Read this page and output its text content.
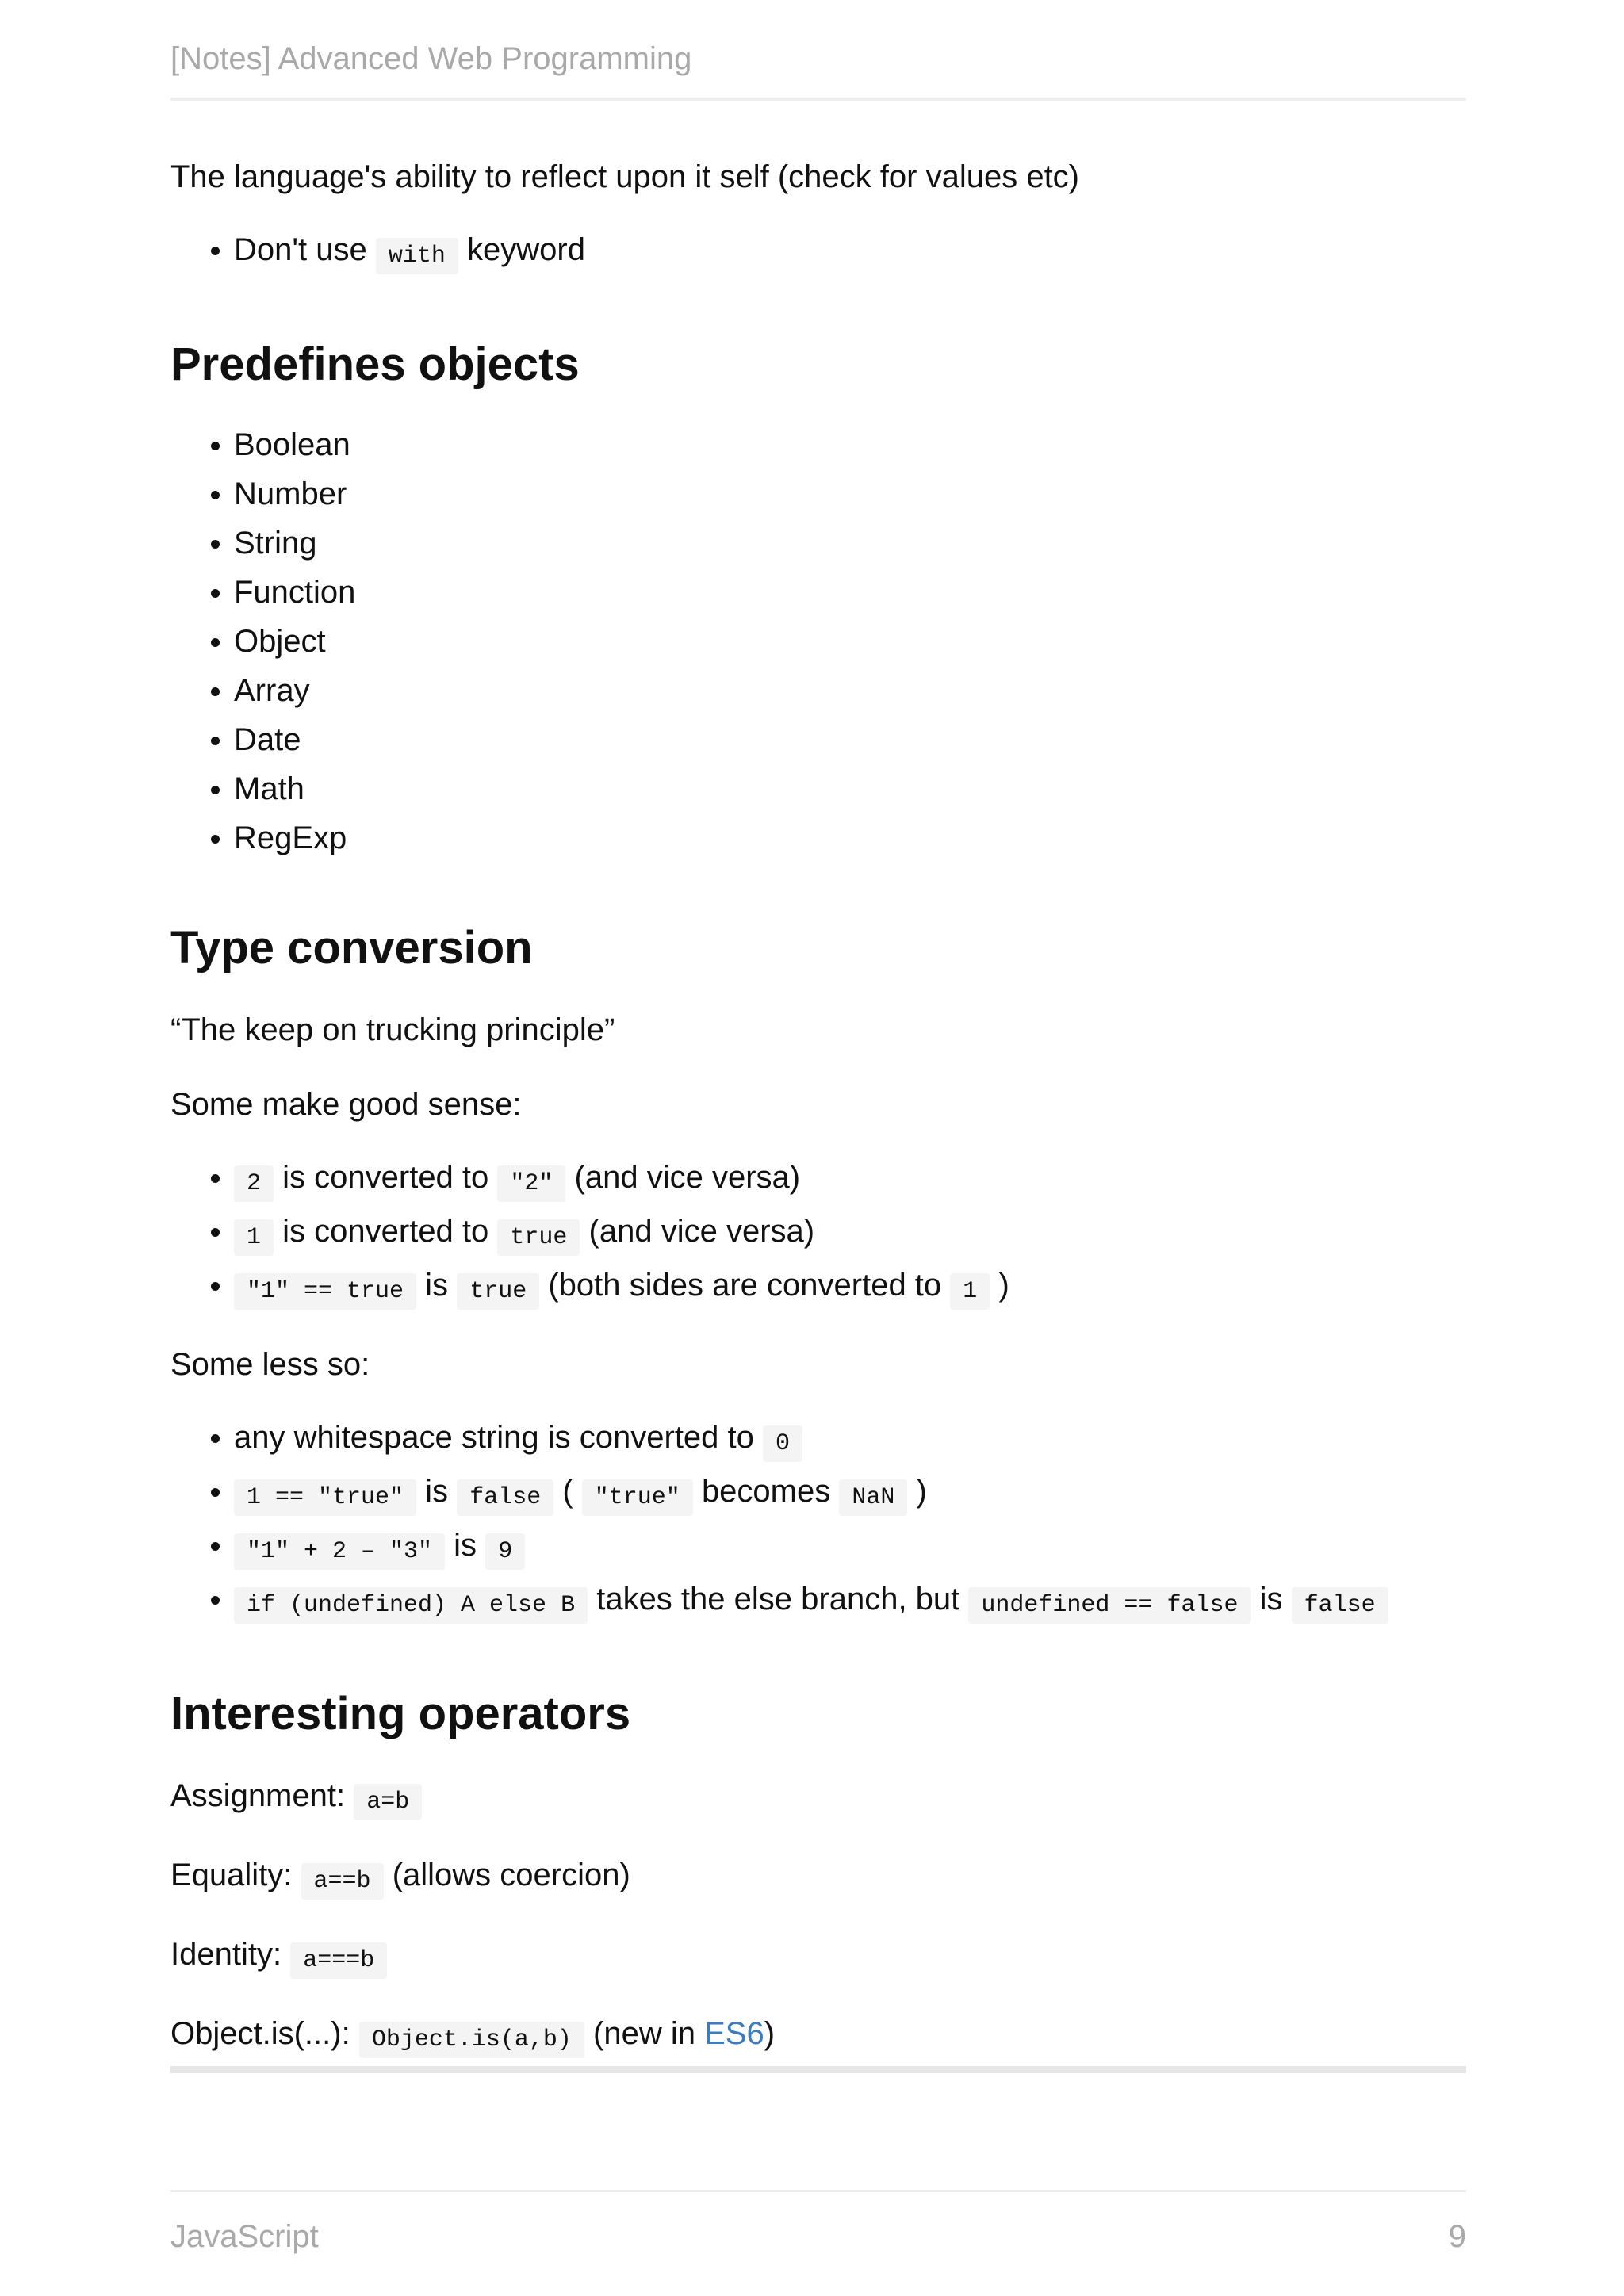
[Notes] Advanced Web Programming

The language's ability to reflect upon it self (check for values etc)

• Don't use with keyword
Predefines objects
• Boolean
• Number
• String
• Function
• Object
• Array
• Date
• Math
• RegExp
Type conversion

“The keep on trucking principle”

Some make good sense:

• 2 is converted to "2" (and vice versa)
• 1 is converted to true (and vice versa)
• "1" == true is true (both sides are converted to 1 )

Some less so:

• any whitespace string is converted to 0
• 1 == "true" is false ( "true" becomes NaN )
• "1" + 2 – "3" is 9
• if (undefined) A else B takes the else branch, but undefined == false is false
Interesting operators

Assignment: a=b

Equality: a==b (allows coercion)

Identity: a===b

Object.is(...): Object.is(a,b) (new in ES6)

JavaScript	9
